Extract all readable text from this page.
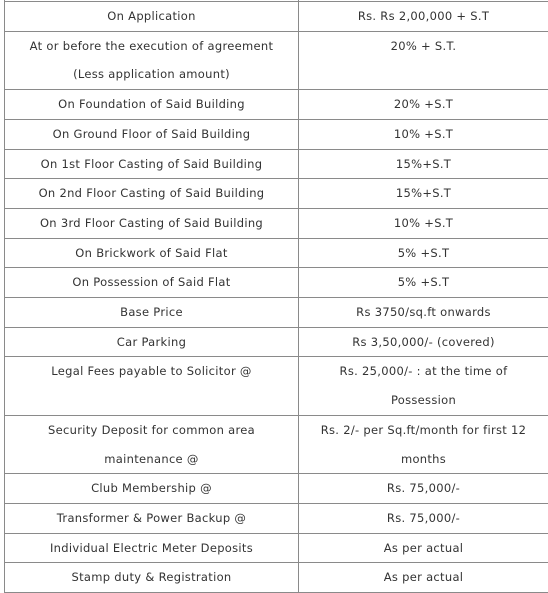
On Application	Rs. Rs 2,00,000 + S.T

At or before the execution of agreement
(Less application amount)	20% + S.T.

On Foundation of Said Building	20% +S.T

On Ground Floor of Said Building	10% +S.T

On 1st Floor Casting of Said Building	15%+S.T

On 2nd Floor Casting of Said Building	15%+S.T

On 3rd Floor Casting of Said Building	10% +S.T

On Brickwork of Said Flat	5% +S.T

On Possession of Said Flat	5% +S.T

Base Price	Rs 3750/sq.ft onwards

Car Parking	Rs 3,50,000/- (covered)

Legal Fees payable to Solicitor @	Rs. 25,000/- : at the time of
Possession

Security Deposit for common area
maintenance @	Rs. 2/- per Sq.ft/month for first 12
months

Club Membership @	Rs. 75,000/-

Transformer & Power Backup @	Rs. 75,000/-

Individual Electric Meter Deposits	As per actual

Stamp duty & Registration	As per actual
